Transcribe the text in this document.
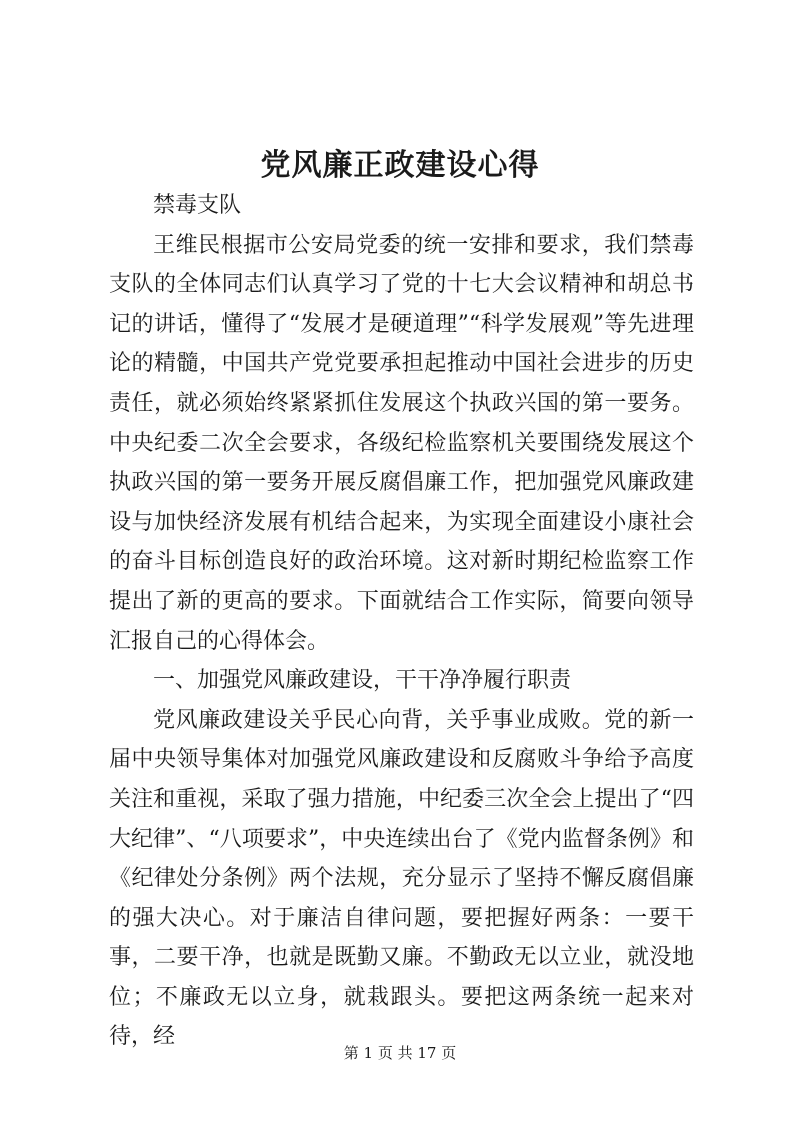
党风廉正政建设心得

禁毒支队

王维民根据市公安局党委的统一安排和要求，我们禁毒支队的全体同志们认真学习了党的十七大会议精神和胡总书记的讲话，懂得了“发展才是硬道理”“科学发展观”等先进理论的精髓，中国共产党党要承担起推动中国社会进步的历史责任，就必须始终紧紧抓住发展这个执政兴国的第一要务。中央纪委二次全会要求，各级纪检监察机关要围绕发展这个执政兴国的第一要务开展反腐倡廉工作，把加强党风廉政建设与加快经济发展有机结合起来，为实现全面建设小康社会的奋斗目标创造良好的政治环境。这对新时期纪检监察工作提出了新的更高的要求。下面就结合工作实际，简要向领导汇报自己的心得体会。

一、加强党风廉政建设，干干净净履行职责

党风廉政建设关乎民心向背，关乎事业成败。党的新一届中央领导集体对加强党风廉政建设和反腐败斗争给予高度关注和重视，采取了强力措施，中纪委三次全会上提出了“四大纪律”、“八项要求”，中央连续出台了《党内监督条例》和《纪律处分条例》两个法规，充分显示了坚持不懈反腐倡廉的强大决心。对于廉洁自律问题，要把握好两条：一要干事，二要干净，也就是既勤又廉。不勤政无以立业，就没地位；不廉政无以立身，就栽跟头。要把这两条统一起来对待，经

第 1 页 共 17 页
